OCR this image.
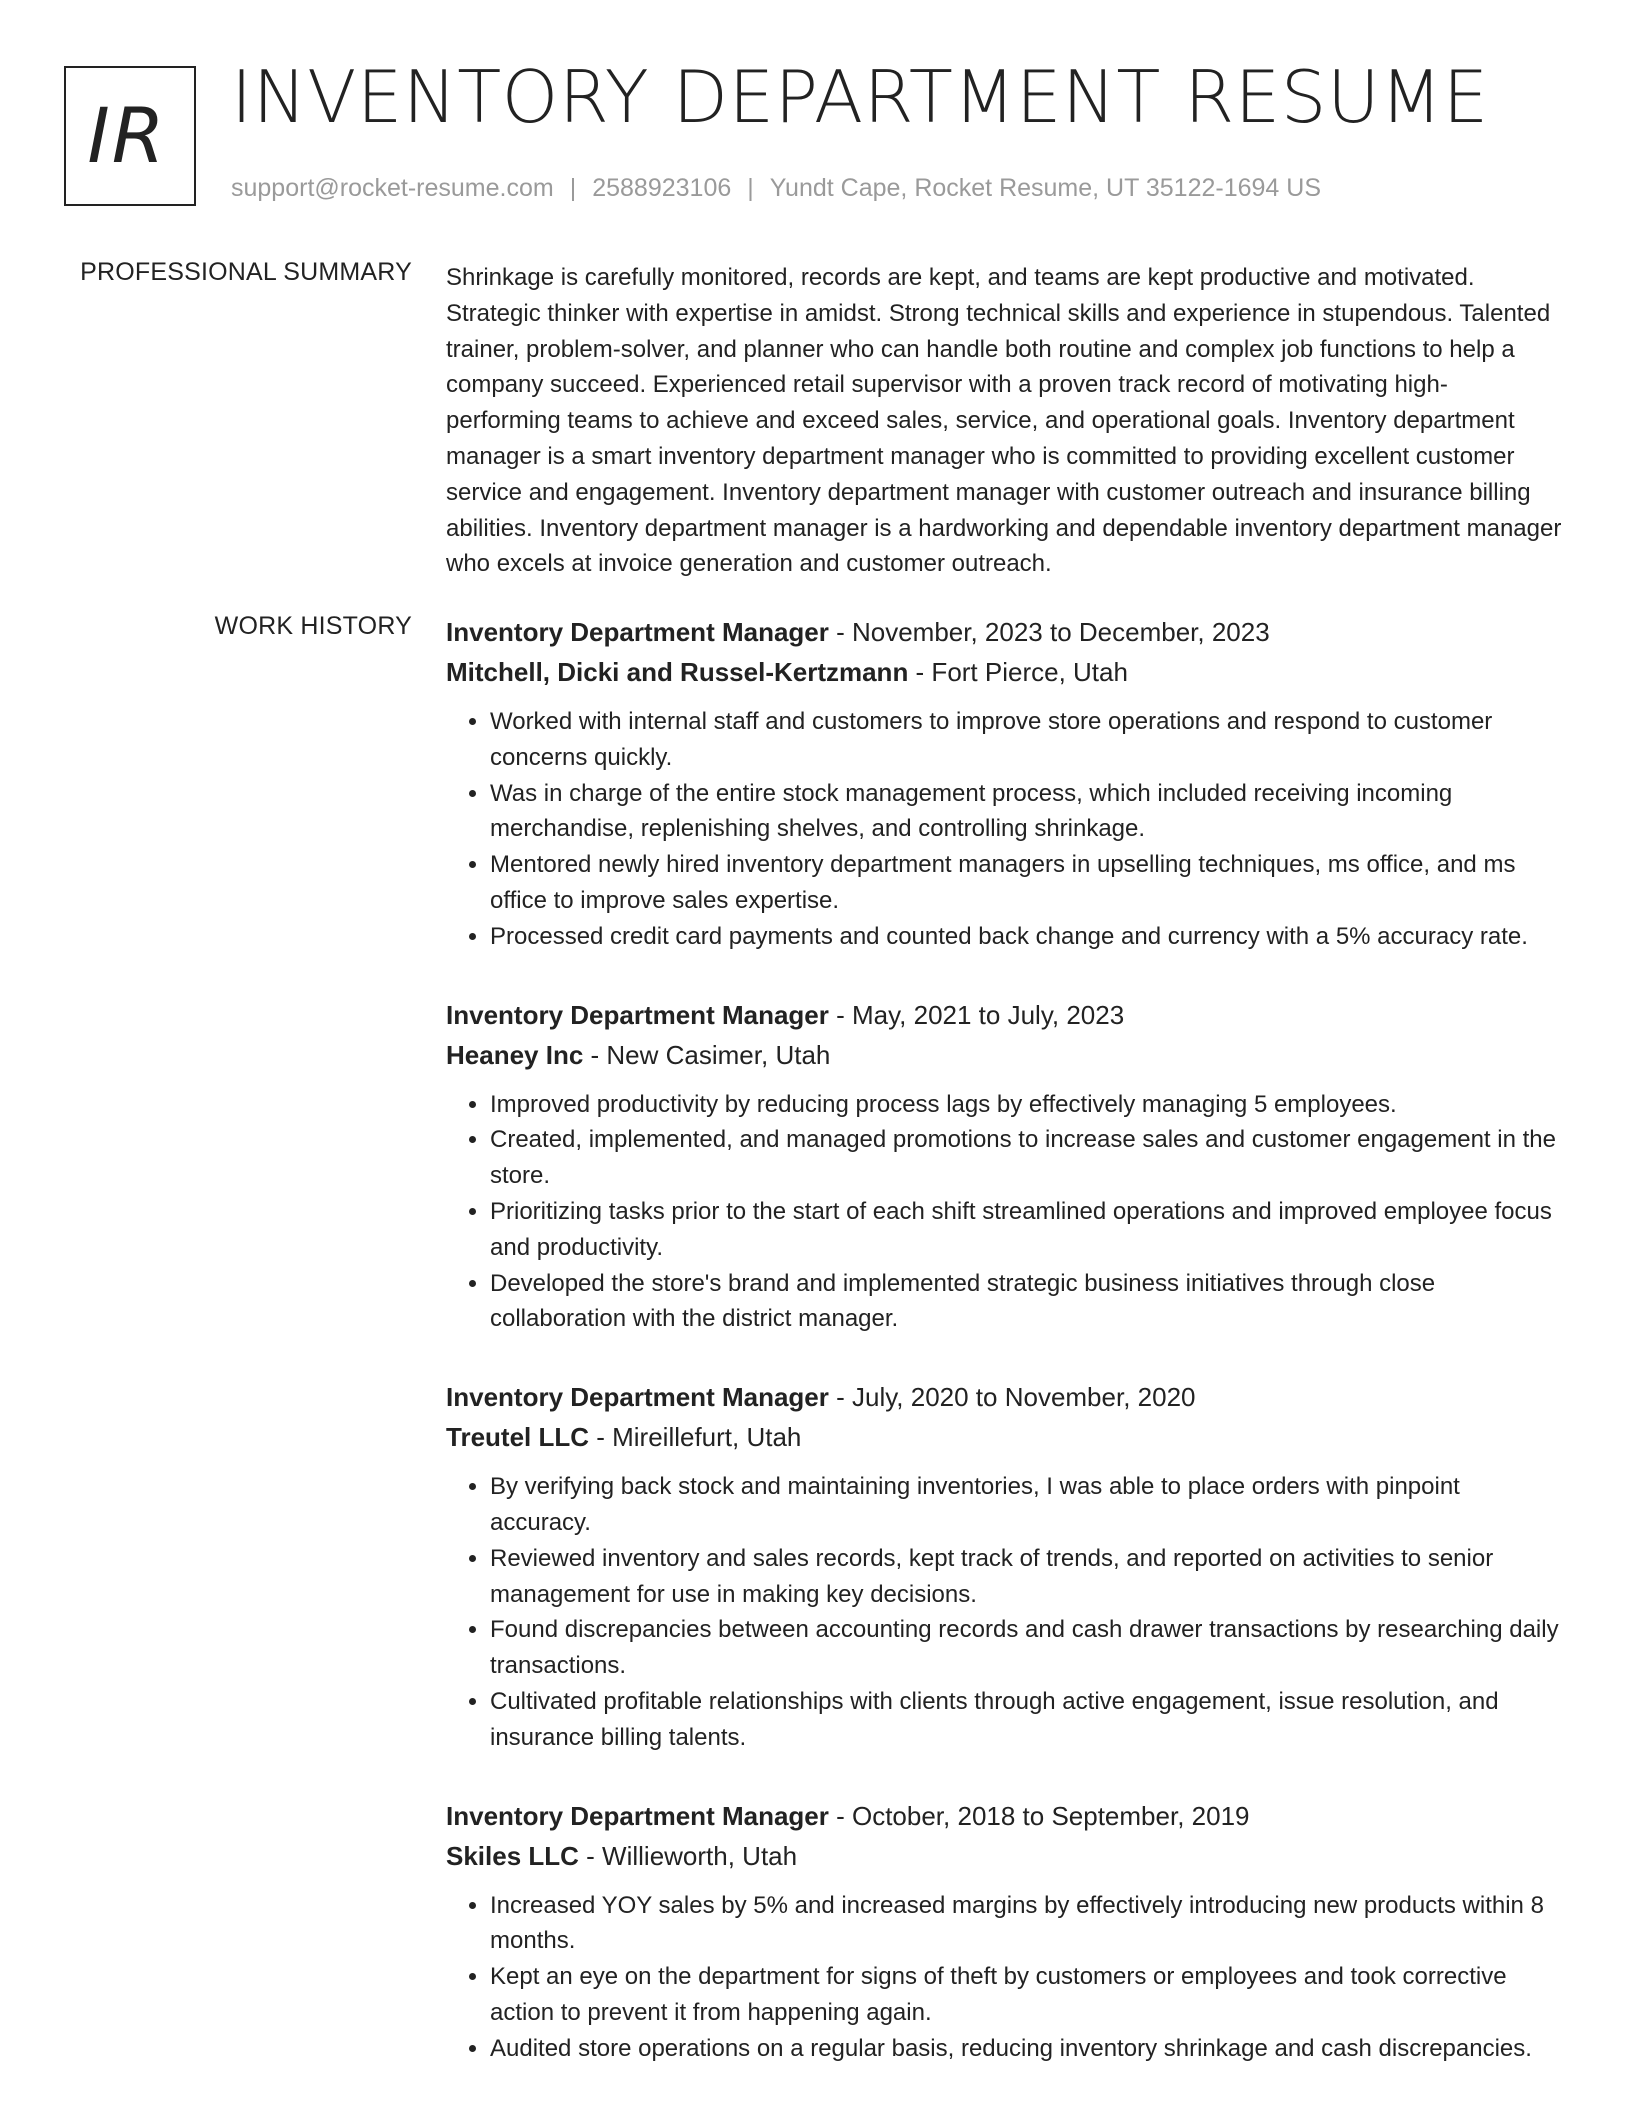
IR INVENTORY DEPARTMENT RESUME
support@rocket-resume.com | 2588923106 | Yundt Cape, Rocket Resume, UT 35122-1694 US
PROFESSIONAL SUMMARY Shrinkage is carefully monitored, records are kept, and teams are kept productive and motivated. Strategic thinker with expertise in amidst. Strong technical skills and experience in stupendous. Talented trainer, problem-solver, and planner who can handle both routine and complex job functions to help a company succeed. Experienced retail supervisor with a proven track record of motivating high-performing teams to achieve and exceed sales, service, and operational goals. Inventory department manager is a smart inventory department manager who is committed to providing excellent customer service and engagement. Inventory department manager with customer outreach and insurance billing abilities. Inventory department manager is a hardworking and dependable inventory department manager who excels at invoice generation and customer outreach.

WORK HISTORY Inventory Department Manager - November, 2023 to December, 2023
Mitchell, Dicki and Russel-Kertzmann - Fort Pierce, Utah
• Worked with internal staff and customers to improve store operations and respond to customer concerns quickly.
• Was in charge of the entire stock management process, which included receiving incoming merchandise, replenishing shelves, and controlling shrinkage.
• Mentored newly hired inventory department managers in upselling techniques, ms office, and ms office to improve sales expertise.
• Processed credit card payments and counted back change and currency with a 5% accuracy rate.
Inventory Department Manager - May, 2021 to July, 2023
Heaney Inc - New Casimer, Utah
• Improved productivity by reducing process lags by effectively managing 5 employees.
• Created, implemented, and managed promotions to increase sales and customer engagement in the store.
• Prioritizing tasks prior to the start of each shift streamlined operations and improved employee focus and productivity.
• Developed the store's brand and implemented strategic business initiatives through close collaboration with the district manager.
Inventory Department Manager - July, 2020 to November, 2020
Treutel LLC - Mireillefurt, Utah
• By verifying back stock and maintaining inventories, I was able to place orders with pinpoint accuracy.
• Reviewed inventory and sales records, kept track of trends, and reported on activities to senior management for use in making key decisions.
• Found discrepancies between accounting records and cash drawer transactions by researching daily transactions.
• Cultivated profitable relationships with clients through active engagement, issue resolution, and insurance billing talents.
Inventory Department Manager - October, 2018 to September, 2019
Skiles LLC - Willieworth, Utah
• Increased YOY sales by 5% and increased margins by effectively introducing new products within 8 months.
• Kept an eye on the department for signs of theft by customers or employees and took corrective action to prevent it from happening again.
• Audited store operations on a regular basis, reducing inventory shrinkage and cash discrepancies.
